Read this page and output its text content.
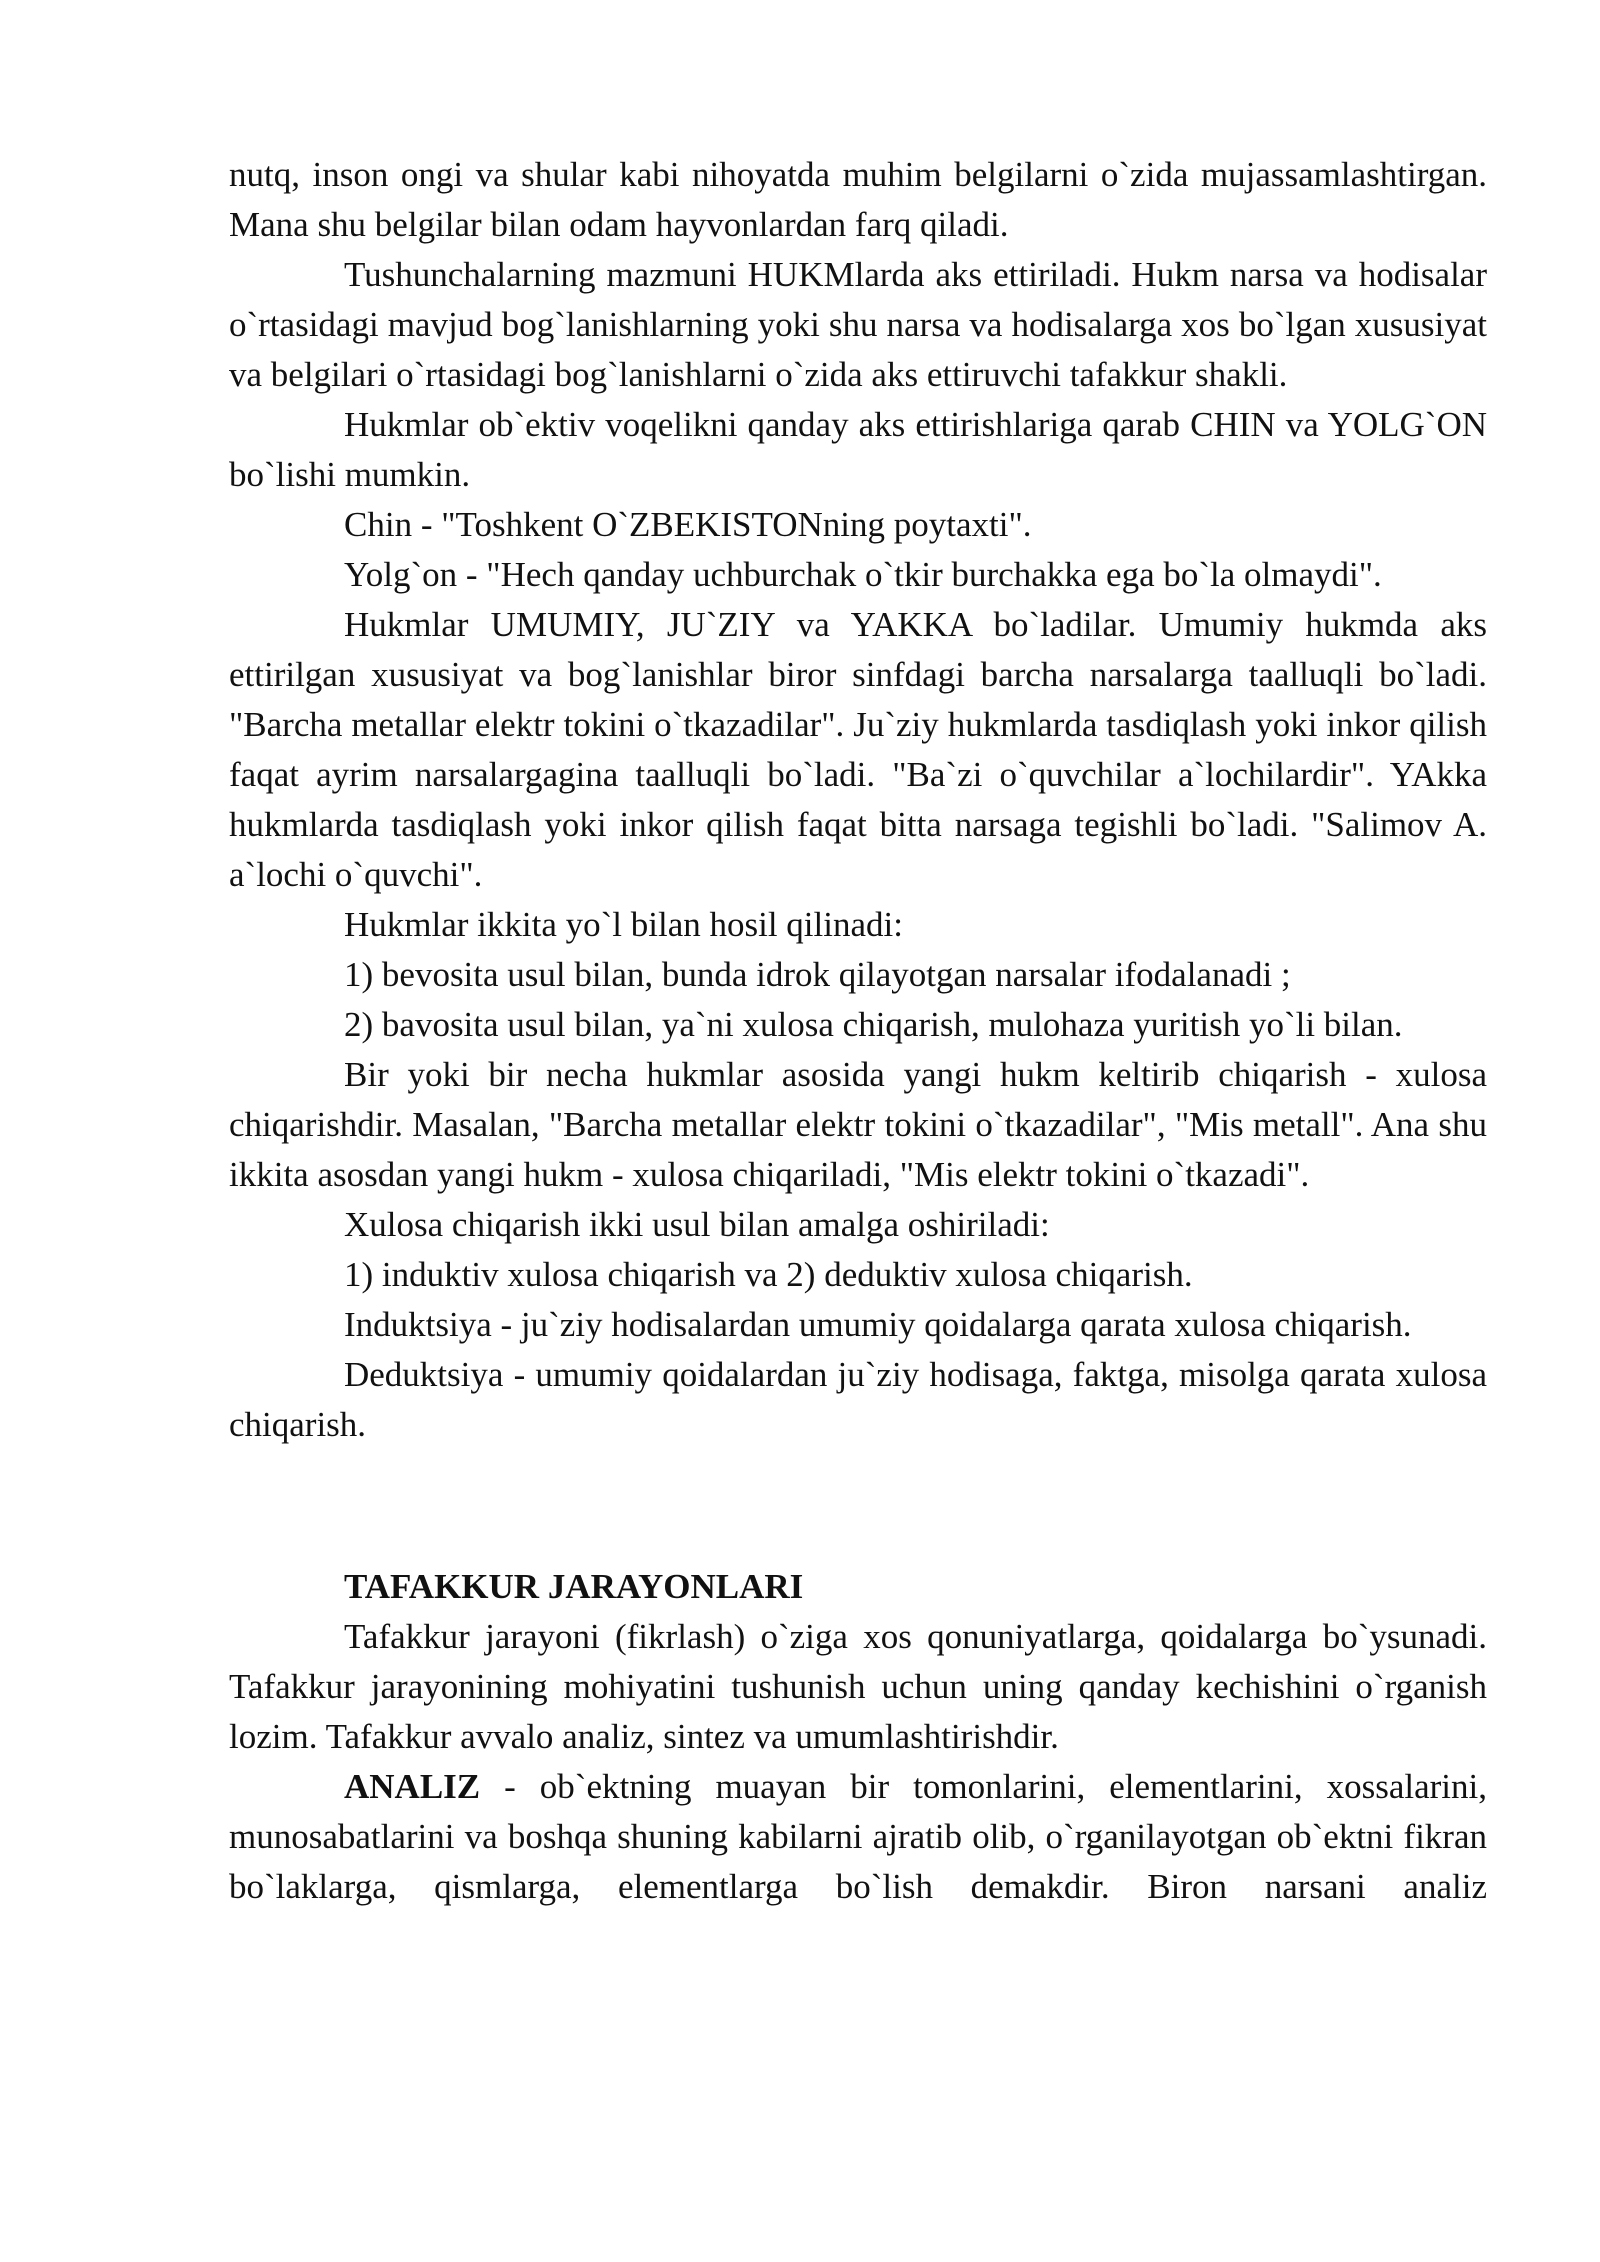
nutq, inson ongi va shular kabi nihoyatda muhim belgilarni o`zida mujassamlashtirgan. Mana shu belgilar bilan odam hayvonlardan farq qiladi.

Tushunchalarning mazmuni HUKMlarda aks ettiriladi. Hukm narsa va hodisalar o`rtasidagi mavjud bog`lanishlarning yoki shu narsa va hodisalarga xos bo`lgan xususiyat va belgilari o`rtasidagi bog`lanishlarni o`zida aks ettiruvchi tafakkur shakli.

Hukmlar ob`ektiv voqelikni qanday aks ettirishlariga qarab CHIN va YOLG`ON bo`lishi mumkin.

Chin - "Toshkent O`ZBEKISTONning poytaxti".

Yolg`on - "Hech qanday uchburchak o`tkir burchakka ega bo`la olmaydi".

Hukmlar UMUMIY, JU`ZIY va YAKKA bo`ladilar. Umumiy hukmda aks ettirilgan xususiyat va bog`lanishlar biror sinfdagi barcha narsalarga taalluqli bo`ladi. "Barcha metallar elektr tokini o`tkazadilar". Ju`ziy hukmlarda tasdiqlash yoki inkor qilish faqat ayrim narsalargagina taalluqli bo`ladi. "Ba`zi o`quvchilar a`lochilardir". YAkka hukmlarda tasdiqlash yoki inkor qilish faqat bitta narsaga tegishli bo`ladi. "Salimov A. a`lochi o`quvchi".

Hukmlar ikkita yo`l bilan hosil qilinadi:

1) bevosita usul bilan, bunda idrok qilayotgan narsalar ifodalanadi ;

2) bavosita usul bilan, ya`ni xulosa chiqarish, mulohaza yuritish yo`li bilan.

Bir yoki bir necha hukmlar asosida yangi hukm keltirib chiqarish - xulosa chiqarishdir. Masalan, "Barcha metallar elektr tokini o`tkazadilar", "Mis metall". Ana shu ikkita asosdan yangi hukm - xulosa chiqariladi, "Mis elektr tokini o`tkazadi".

Xulosa chiqarish ikki usul bilan amalga oshiriladi:

1) induktiv xulosa chiqarish va 2) deduktiv xulosa chiqarish.

Induktsiya - ju`ziy hodisalardan umumiy qoidalarga qarata xulosa chiqarish.

Deduktsiya - umumiy qoidalardan ju`ziy hodisaga, faktga, misolga qarata xulosa chiqarish.

TAFAKKUR JARAYONLARI

Tafakkur jarayoni (fikrlash) o`ziga xos qonuniyatlarga, qoidalarga bo`ysunadi. Tafakkur jarayonining mohiyatini tushunish uchun uning qanday kechishini o`rganish lozim. Tafakkur avvalo analiz, sintez va umumlashtirishdir.

ANALIZ - ob`ektning muayan bir tomonlarini, elementlarini, xossalarini, munosabatlarini va boshqa shuning kabilarni ajratib olib, o`rganilayotgan ob`ektni fikran bo`laklarga, qismlarga, elementlarga bo`lish demakdir. Biron narsani analiz
